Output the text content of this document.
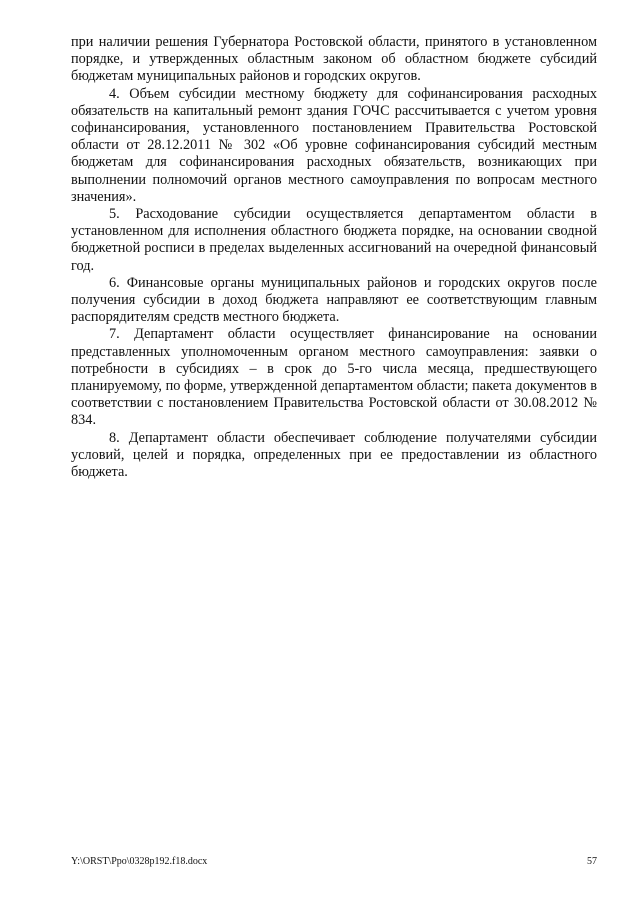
при наличии решения Губернатора Ростовской области, принятого в установленном порядке, и утвержденных областным законом об областном бюджете субсидий бюджетам муниципальных районов и городских округов.

4. Объем субсидии местному бюджету для софинансирования расходных обязательств на капитальный ремонт здания ГОЧС рассчитывается с учетом уровня софинансирования, установленного постановлением Правительства Ростовской области от 28.12.2011 № 302 «Об уровне софинансирования субсидий местным бюджетам для софинансирования расходных обязательств, возникающих при выполнении полномочий органов местного самоуправления по вопросам местного значения».

5. Расходование субсидии осуществляется департаментом области в установленном для исполнения областного бюджета порядке, на основании сводной бюджетной росписи в пределах выделенных ассигнований на очередной финансовый год.

6. Финансовые органы муниципальных районов и городских округов после получения субсидии в доход бюджета направляют ее соответствующим главным распорядителям средств местного бюджета.

7. Департамент области осуществляет финансирование на основании представленных уполномоченным органом местного самоуправления: заявки о потребности в субсидиях – в срок до 5-го числа месяца, предшествующего планируемому, по форме, утвержденной департаментом области; пакета документов в соответствии с постановлением Правительства Ростовской области от 30.08.2012 № 834.

8. Департамент области обеспечивает соблюдение получателями субсидии условий, целей и порядка, определенных при ее предоставлении из областного бюджета.

Y:\ORST\Ppo\0328p192.f18.docx	57
